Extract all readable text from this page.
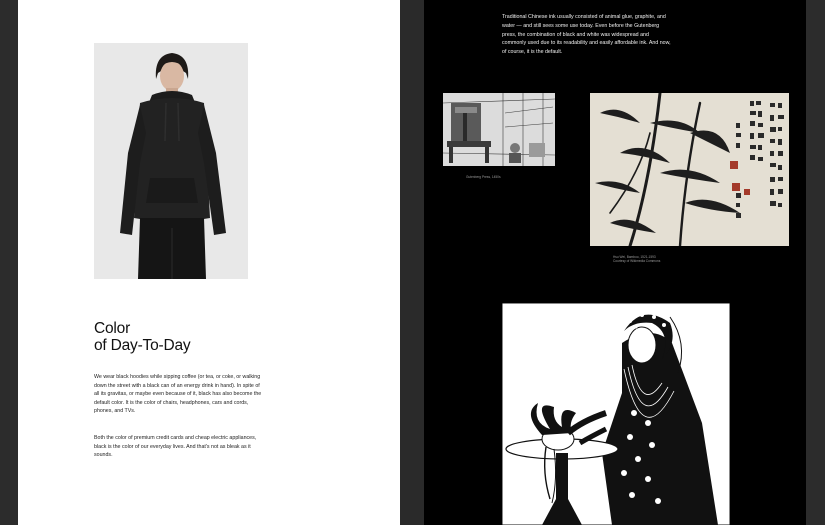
Color
of Day-To-Day

We wear black hoodies while sipping coffee (or tea, or coke, or walking down the street with a black can of an energy drink in hand). In spite of all its gravitas, or maybe even because of it, black has also become the default color. It is the color of chairs, headphones, cars and cords, phones, and TVs.

Both the color of premium credit cards and cheap electric appliances, black is the color of our everyday lives. And that's not as bleak as it sounds.

Traditional Chinese ink usually consisted of animal glue, graphite, and water — and still sees some use today. Even before the Gutenberg press, the combination of black and white was widespread and commonly used due to its readability and easily affordable ink. And now, of course, it is the default.

Gutenberg Press, 1450s
Hsu Wei, Bamboo, 1521-1593
Courtesy of Wikimedia Commons
